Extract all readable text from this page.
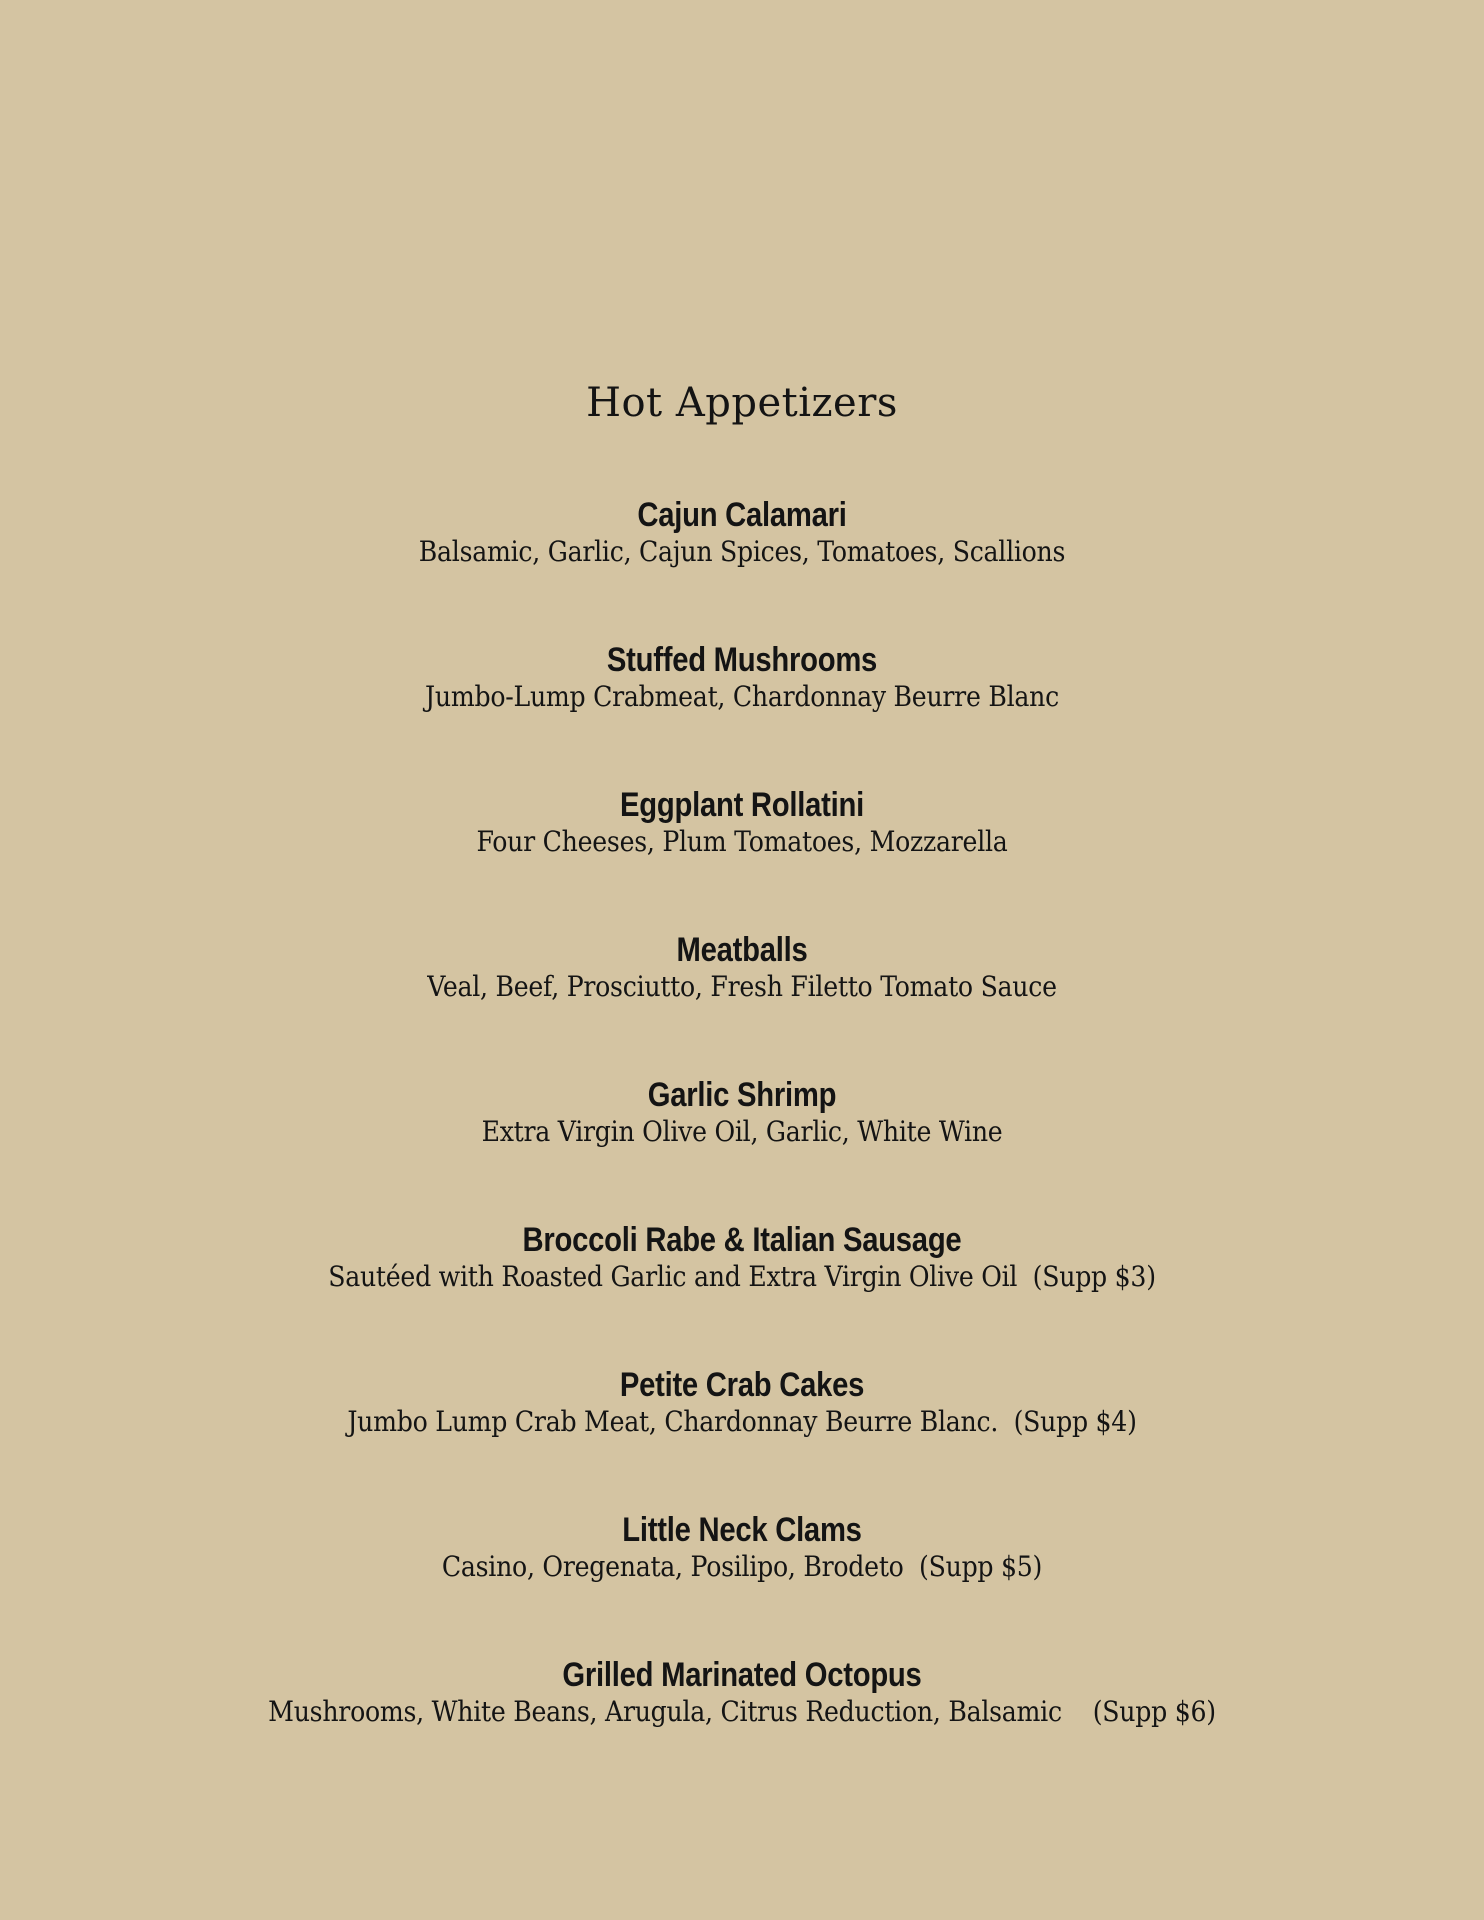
Hot Appetizers
Cajun Calamari
Balsamic, Garlic, Cajun Spices, Tomatoes, Scallions
Stuffed Mushrooms
Jumbo-Lump Crabmeat, Chardonnay Beurre Blanc
Eggplant Rollatini
Four Cheeses, Plum Tomatoes, Mozzarella
Meatballs
Veal, Beef, Prosciutto, Fresh Filetto Tomato Sauce
Garlic Shrimp
Extra Virgin Olive Oil, Garlic, White Wine
Broccoli Rabe & Italian Sausage
Sautéed with Roasted Garlic and Extra Virgin Olive Oil  (Supp $3)
Petite Crab Cakes
Jumbo Lump Crab Meat, Chardonnay Beurre Blanc.  (Supp $4)
Little Neck Clams
Casino, Oregenata, Posilipo, Brodeto  (Supp $5)
Grilled Marinated Octopus
Mushrooms, White Beans, Arugula, Citrus Reduction, Balsamic    (Supp $6)
